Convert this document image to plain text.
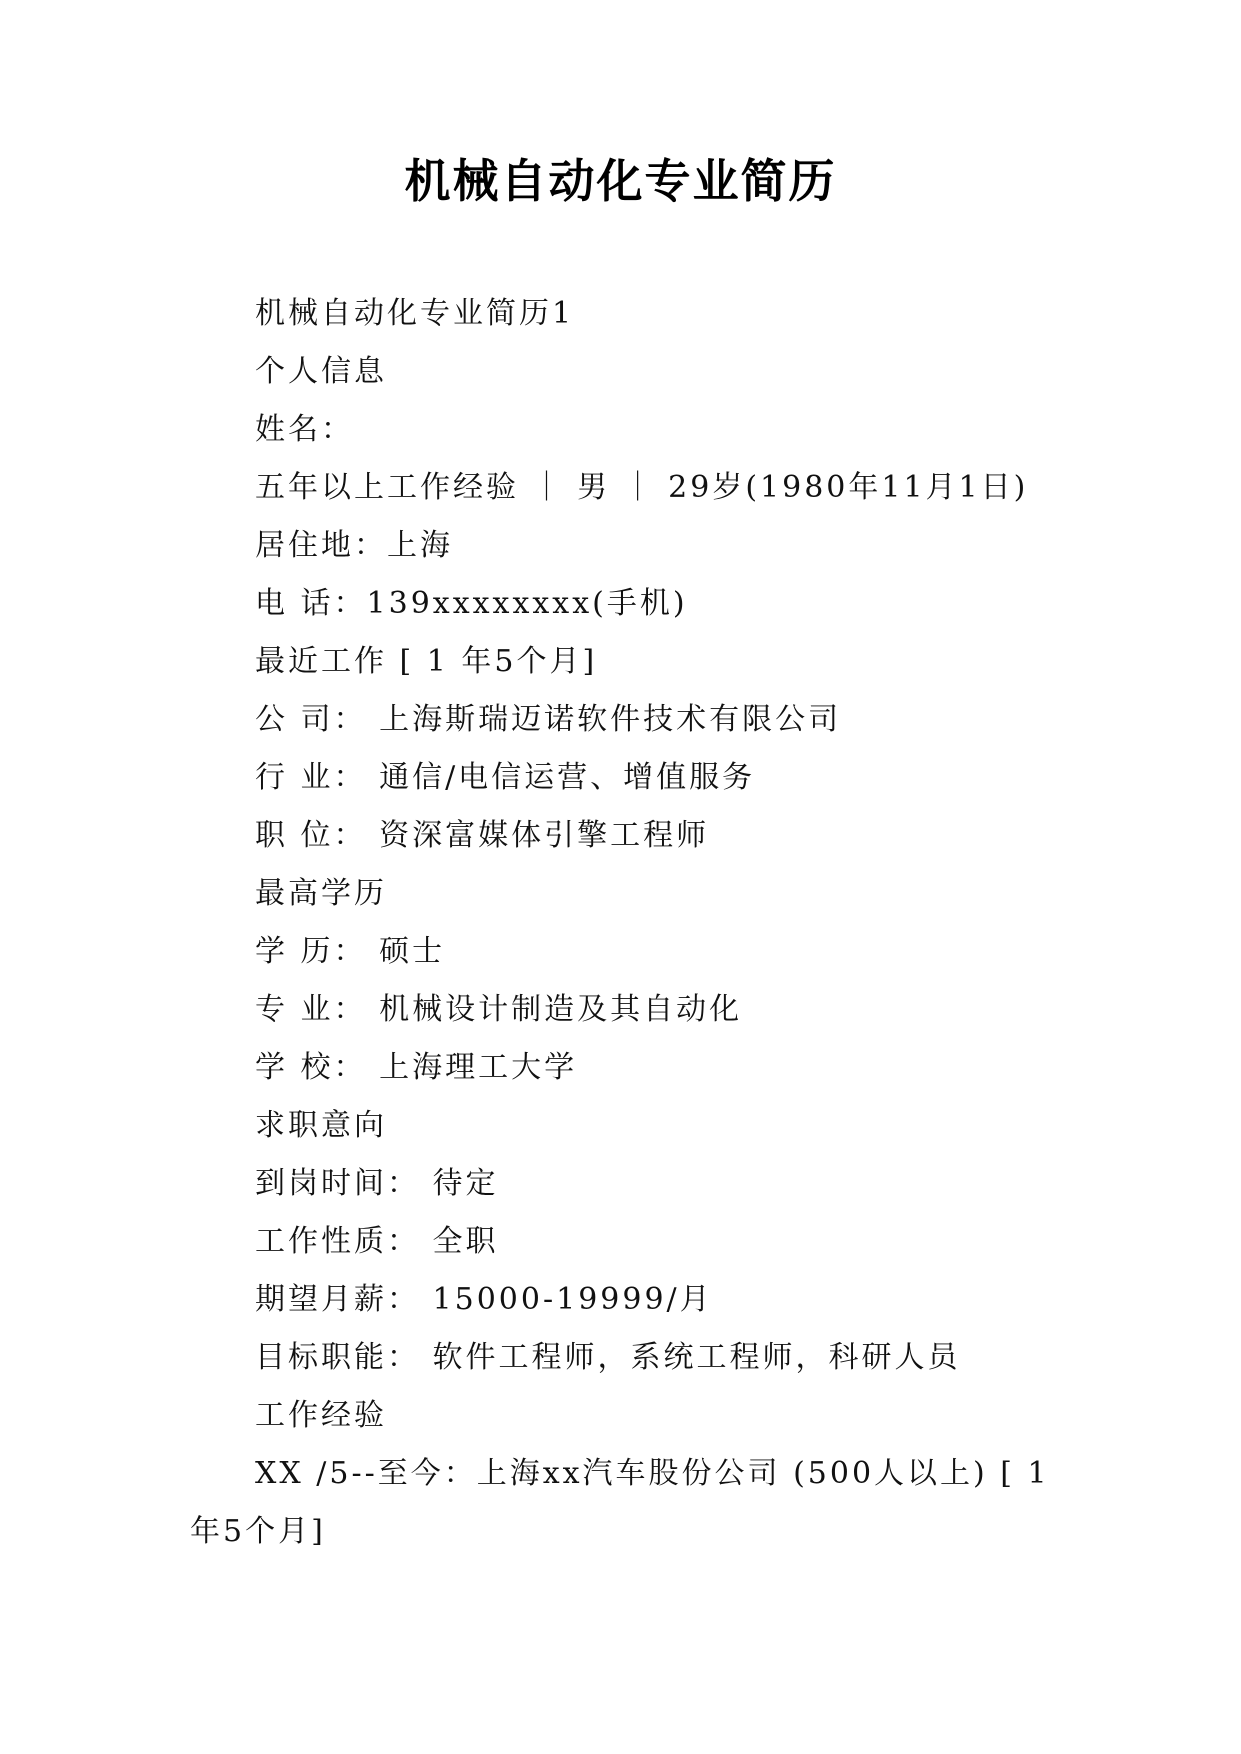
机械自动化专业简历
机械自动化专业简历1
个人信息
姓名：
五年以上工作经验 ｜ 男 ｜ 29岁(1980年11月1日)
居住地：上海
电 话：139xxxxxxxx(手机)
最近工作 [ 1 年5个月]
公 司： 上海斯瑞迈诺软件技术有限公司
行 业： 通信/电信运营、增值服务
职 位： 资深富媒体引擎工程师
最高学历
学 历： 硕士
专 业： 机械设计制造及其自动化
学 校： 上海理工大学
求职意向
到岗时间： 待定
工作性质： 全职
期望月薪： 15000-19999/月
目标职能： 软件工程师，系统工程师，科研人员
工作经验
XX /5--至今：上海xx汽车股份公司 (500人以上) [ 1 年5个月]
